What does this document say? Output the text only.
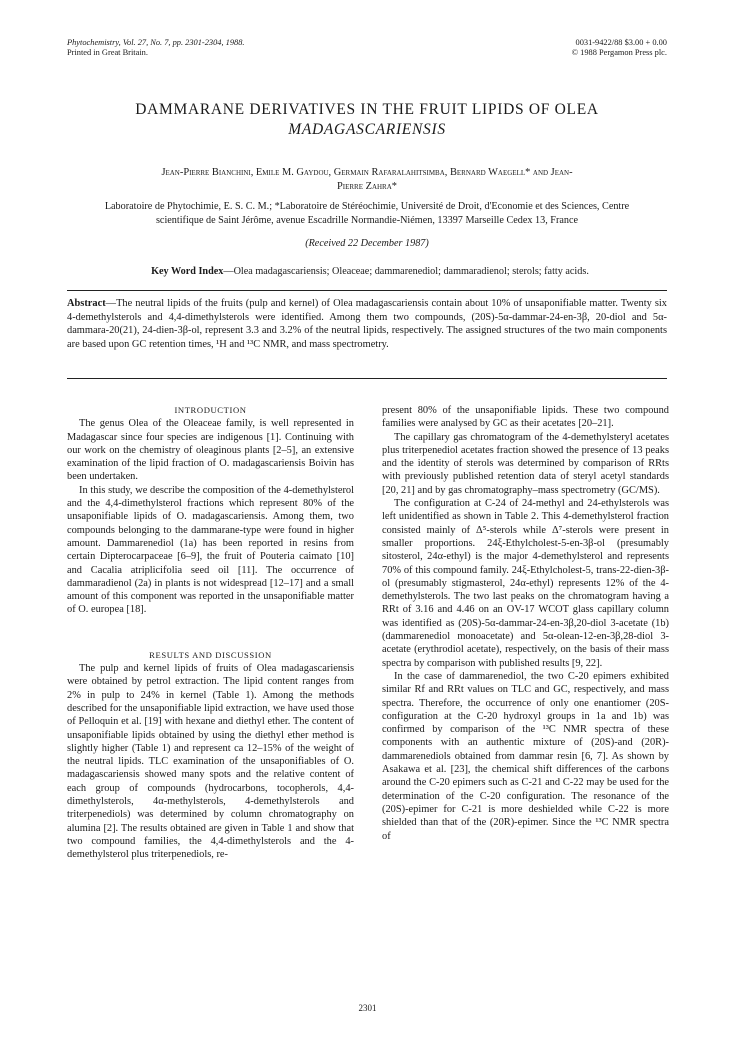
Phytochemistry, Vol. 27, No. 7, pp. 2301-2304, 1988.
Printed in Great Britain.
0031-9422/88 $3.00 + 0.00
© 1988 Pergamon Press plc.
DAMMARANE DERIVATIVES IN THE FRUIT LIPIDS OF OLEA
MADAGASCARIENSIS
Jean-Pierre Bianchini, Emile M. Gaydou, Germain Rafaralahitsimba, Bernard Waegell* and Jean-
Pierre Zahra*
Laboratoire de Phytochimie, E. S. C. M.; *Laboratoire de Stéréochimie, Université de Droit, d'Economie et des Sciences, Centre
scientifique de Saint Jérôme, avenue Escadrille Normandie-Niémen, 13397 Marseille Cedex 13, France
(Received 22 December 1987)
Key Word Index—Olea madagascariensis; Oleaceae; dammarenediol; dammaradienol; sterols; fatty acids.
Abstract—The neutral lipids of the fruits (pulp and kernel) of Olea madagascariensis contain about 10% of unsaponifiable matter. Twenty six 4-demethylsterols and 4,4-dimethylsterols were identified. Among them two compounds, (20S)-5α-dammar-24-en-3β, 20-diol and 5α-dammara-20(21), 24-dien-3β-ol, represent 3.3 and 3.2% of the neutral lipids, respectively. The assigned structures of the two main components are based upon GC retention times, ¹H and ¹³C NMR, and mass spectrometry.

INTRODUCTION

The genus Olea of the Oleaceae family, is well represented in Madagascar since four species are indigenous [1]. Continuing with our work on the chemistry of oleaginous plants [2–5], an extensive examination of the lipid fraction of O. madagascariensis Boivin has been undertaken.

In this study, we describe the composition of the 4-demethylsterol and the 4,4-dimethylsterol fractions which represent 80% of the unsaponifiable lipids of O. madagascariensis. Among them, two compounds belonging to the dammarane-type were found in higher amount. Dammarenediol (1a) has been reported in resins from certain Dipterocarpaceae [6–9], the fruit of Pouteria caimato [10] and Cacalia atriplicifolia seed oil [11]. The occurrence of dammaradienol (2a) in plants is not widespread [12–17] and a small amount of this component was reported in the unsaponifiable matter of O. europea [18].

RESULTS AND DISCUSSION

The pulp and kernel lipids of fruits of Olea madagascariensis were obtained by petrol extraction. The lipid content ranges from 2% in pulp to 24% in kernel (Table 1). Among the methods described for the unsaponifiable lipid extraction, we have used those of Pelloquin et al. [19] with hexane and diethyl ether. The content of unsaponifiable lipids obtained by using the diethyl ether method is slightly higher (Table 1) and represent ca 12–15% of the weight of the neutral lipids. TLC examination of the unsaponifiables of O. madagascariensis showed many spots and the relative content of each group of compounds (hydrocarbons, tocopherols, 4,4-dimethylsterols, 4α-methylsterols, 4-demethylsterols and triterpenediols) was determined by column chromatography on alumina [2]. The results obtained are given in Table 1 and show that two compound families, the 4,4-dimethylsterols and the 4-demethylsterol plus triterpenediols, re-

present 80% of the unsaponifiable lipids. These two compound families were analysed by GC as their acetates [20–21].

The capillary gas chromatogram of the 4-demethylsteryl acetates plus triterpenediol acetates fraction showed the presence of 13 peaks and the identity of sterols was determined by comparison of RRts with previously published retention data of steryl acetyl standards [20, 21] and by gas chromatography–mass spectrometry (GC/MS).

The configuration at C-24 of 24-methyl and 24-ethylsterols was left unidentified as shown in Table 2. This 4-demethylsterol fraction consisted mainly of Δ⁵-sterols while Δ⁷-sterols were present in smaller proportions. 24ξ-Ethylcholest-5-en-3β-ol (presumably sitosterol, 24α-ethyl) is the major 4-demethylsterol and represents 70% of this compound family. 24ξ-Ethylcholest-5, trans-22-dien-3β-ol (presumably stigmasterol, 24α-ethyl) represents 12% of the 4-demethylsterols. The two last peaks on the chromatogram having a RRt of 3.16 and 4.46 on an OV-17 WCOT glass capillary column was identified as (20S)-5α-dammar-24-en-3β,20-diol 3-acetate (1b) (dammarenediol monoacetate) and 5α-olean-12-en-3β,28-diol 3-acetate (erythrodiol acetate), respectively, on the basis of their mass spectra by comparison with published results [9, 22].

In the case of dammarenediol, the two C-20 epimers exhibited similar Rf and RRt values on TLC and GC, respectively, and mass spectra. Therefore, the occurrence of only one enantiomer (20S-configuration at the C-20 hydroxyl groups in 1a and 1b) was confirmed by comparison of the ¹³C NMR spectra of these components with an authentic mixture of (20S)-and (20R)-dammarenediols obtained from dammar resin [6, 7]. As shown by Asakawa et al. [23], the chemical shift differences of the carbons around the C-20 epimers such as C-21 and C-22 may be used for the determination of the C-20 configuration. The resonance of the (20S)-epimer for C-21 is more deshielded while C-22 is more shielded than that of the (20R)-epimer. Since the ¹³C NMR spectra of

2301
